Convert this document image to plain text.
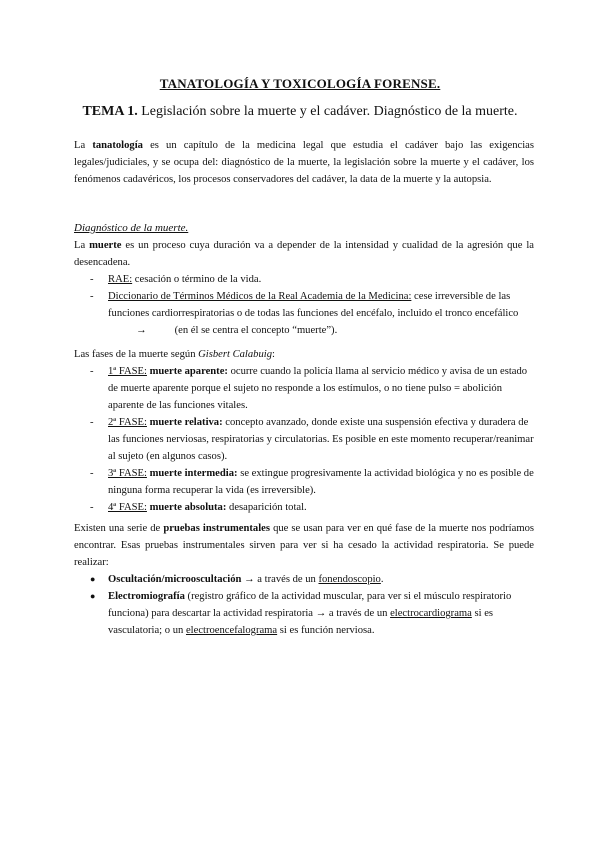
TANATOLOGÍA Y TOXICOLOGÍA FORENSE.
TEMA 1. Legislación sobre la muerte y el cadáver. Diagnóstico de la muerte.

La tanatología es un capítulo de la medicina legal que estudia el cadáver bajo las exigencias legales/judiciales, y se ocupa del: diagnóstico de la muerte, la legislación sobre la muerte y el cadáver, los fenómenos cadavéricos, los procesos conservadores del cadáver, la data de la muerte y la autopsia.

Diagnóstico de la muerte.

La muerte es un proceso cuya duración va a depender de la intensidad y cualidad de la agresión que la desencadena.

- RAE: cesación o término de la vida.
- Diccionario de Términos Médicos de la Real Academia de la Medicina: cese irreversible de las funciones cardiorrespiratorias o de todas las funciones del encéfalo, incluido el tronco encefálico →	(en él se centra el concepto “muerte”).

Las fases de la muerte según Gisbert Calabuig:

- 1ª FASE: muerte aparente: ocurre cuando la policía llama al servicio médico y avisa de un estado de muerte aparente porque el sujeto no responde a los estímulos, o no tiene pulso = abolición aparente de las funciones vitales.
- 2ª FASE: muerte relativa: concepto avanzado, donde existe una suspensión efectiva y duradera de las funciones nerviosas, respiratorias y circulatorias. Es posible en este momento recuperar/reanimar al sujeto (en algunos casos).
- 3ª FASE: muerte intermedia: se extingue progresivamente la actividad biológica y no es posible de ninguna forma recuperar la vida (es irreversible).
- 4ª FASE: muerte absoluta: desaparición total.

Existen una serie de pruebas instrumentales que se usan para ver en qué fase de la muerte nos podríamos encontrar. Esas pruebas instrumentales sirven para ver si ha cesado la actividad respiratoria. Se puede realizar:

● Oscultación/microoscultación → a través de un fonendoscopio.
● Electromiografía (registro gráfico de la actividad muscular, para ver si el músculo respiratorio funciona) para descartar la actividad respiratoria → a través de un electrocardiograma si es vasculatoria; o un electroencefalograma si es función nerviosa.
